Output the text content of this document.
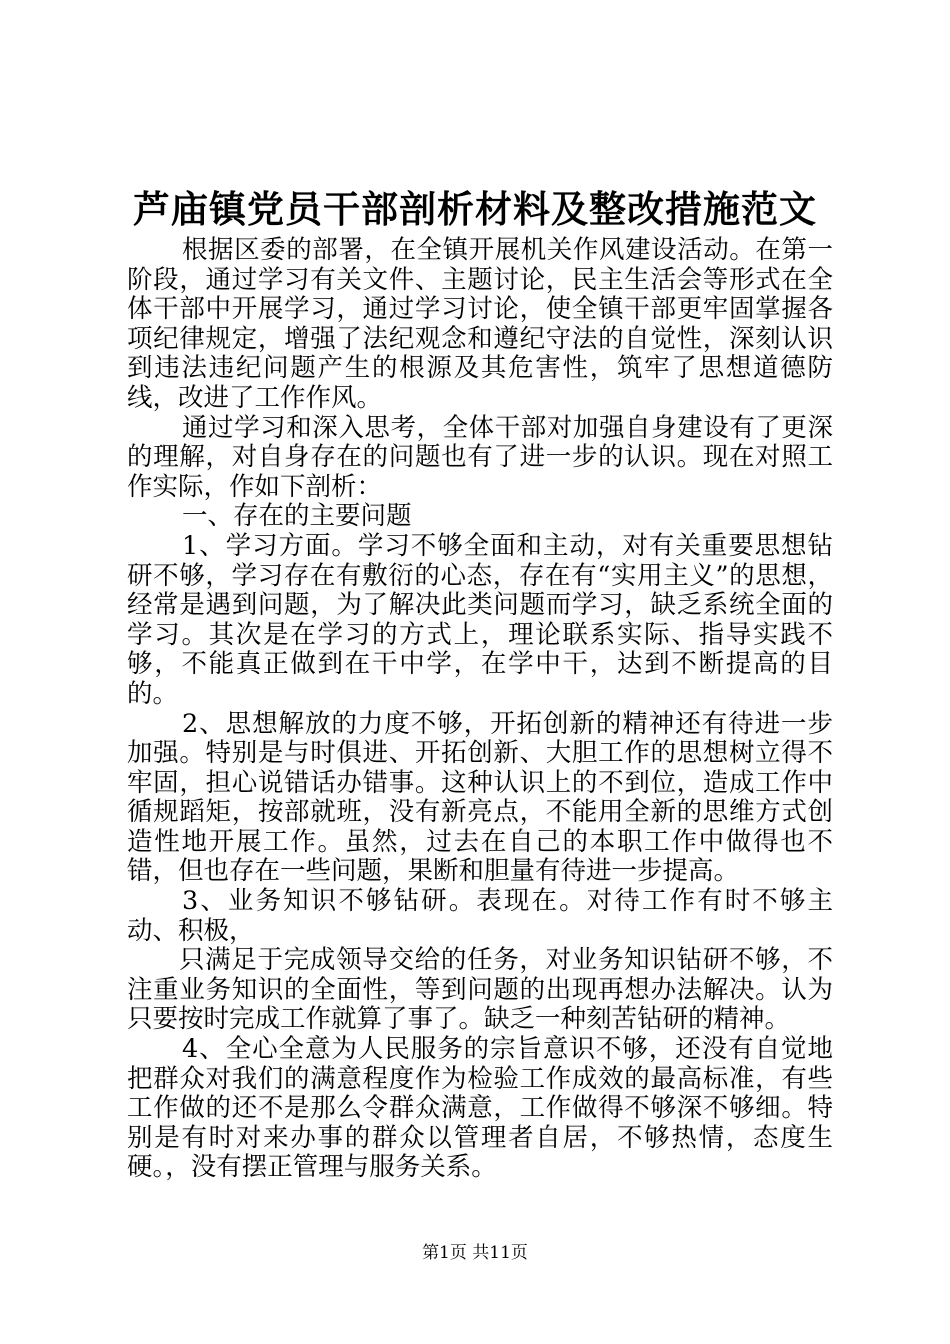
芦庙镇党员干部剖析材料及整改措施范文

根据区委的部署，在全镇开展机关作风建设活动。在第一阶段，通过学习有关文件、主题讨论，民主生活会等形式在全体干部中开展学习，通过学习讨论，使全镇干部更牢固掌握各项纪律规定，增强了法纪观念和遵纪守法的自觉性，深刻认识到违法违纪问题产生的根源及其危害性，筑牢了思想道德防线，改进了工作作风。

通过学习和深入思考，全体干部对加强自身建设有了更深的理解，对自身存在的问题也有了进一步的认识。现在对照工作实际，作如下剖析：

一、存在的主要问题

1、学习方面。学习不够全面和主动，对有关重要思想钻研不够，学习存在有敷衍的心态，存在有“实用主义”的思想，经常是遇到问题，为了解决此类问题而学习，缺乏系统全面的学习。其次是在学习的方式上，理论联系实际、指导实践不够，不能真正做到在干中学，在学中干，达到不断提高的目的。

2、思想解放的力度不够，开拓创新的精神还有待进一步加强。特别是与时俱进、开拓创新、大胆工作的思想树立得不牢固，担心说错话办错事。这种认识上的不到位，造成工作中循规蹈矩，按部就班，没有新亮点，不能用全新的思维方式创造性地开展工作。虽然，过去在自己的本职工作中做得也不错，但也存在一些问题，果断和胆量有待进一步提高。

3、业务知识不够钻研。表现在。对待工作有时不够主动、积极，

只满足于完成领导交给的任务，对业务知识钻研不够，不注重业务知识的全面性，等到问题的出现再想办法解决。认为只要按时完成工作就算了事了。缺乏一种刻苦钻研的精神。

4、全心全意为人民服务的宗旨意识不够，还没有自觉地把群众对我们的满意程度作为检验工作成效的最高标准，有些工作做的还不是那么令群众满意，工作做得不够深不够细。特别是有时对来办事的群众以管理者自居，不够热情，态度生硬。，没有摆正管理与服务关系。

第1页 共11页
